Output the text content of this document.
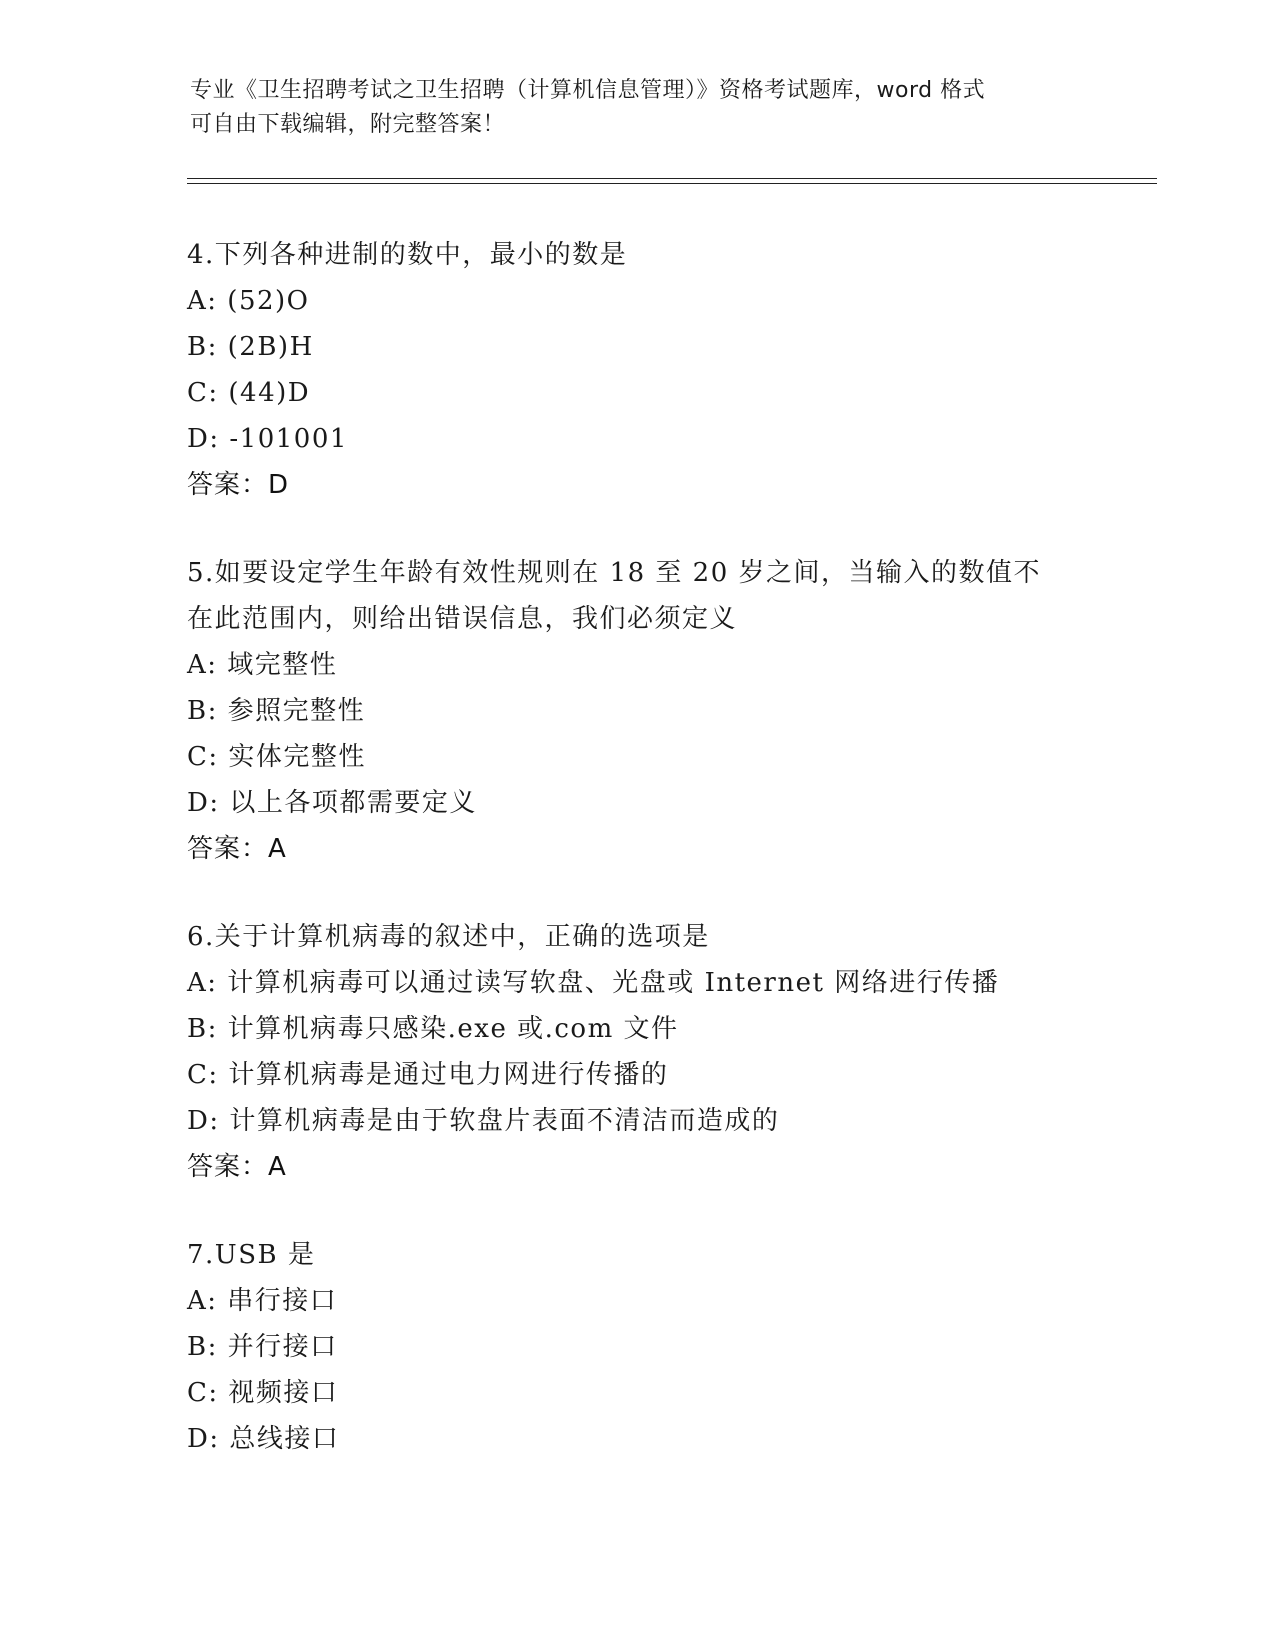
专业《卫生招聘考试之卫生招聘（计算机信息管理）》资格考试题库，word 格式
可自由下载编辑，附完整答案！
4.下列各种进制的数中，最小的数是
A: (52)O
B: (2B)H
C: (44)D
D: -101001
答案：D
5.如要设定学生年龄有效性规则在 18 至 20 岁之间，当输入的数值不
在此范围内，则给出错误信息，我们必须定义
A: 域完整性
B: 参照完整性
C: 实体完整性
D: 以上各项都需要定义
答案：A
6.关于计算机病毒的叙述中，正确的选项是
A: 计算机病毒可以通过读写软盘、光盘或 Internet 网络进行传播
B: 计算机病毒只感染.exe 或.com 文件
C: 计算机病毒是通过电力网进行传播的
D: 计算机病毒是由于软盘片表面不清洁而造成的
答案：A
7.USB 是
A: 串行接口
B: 并行接口
C: 视频接口
D: 总线接口
